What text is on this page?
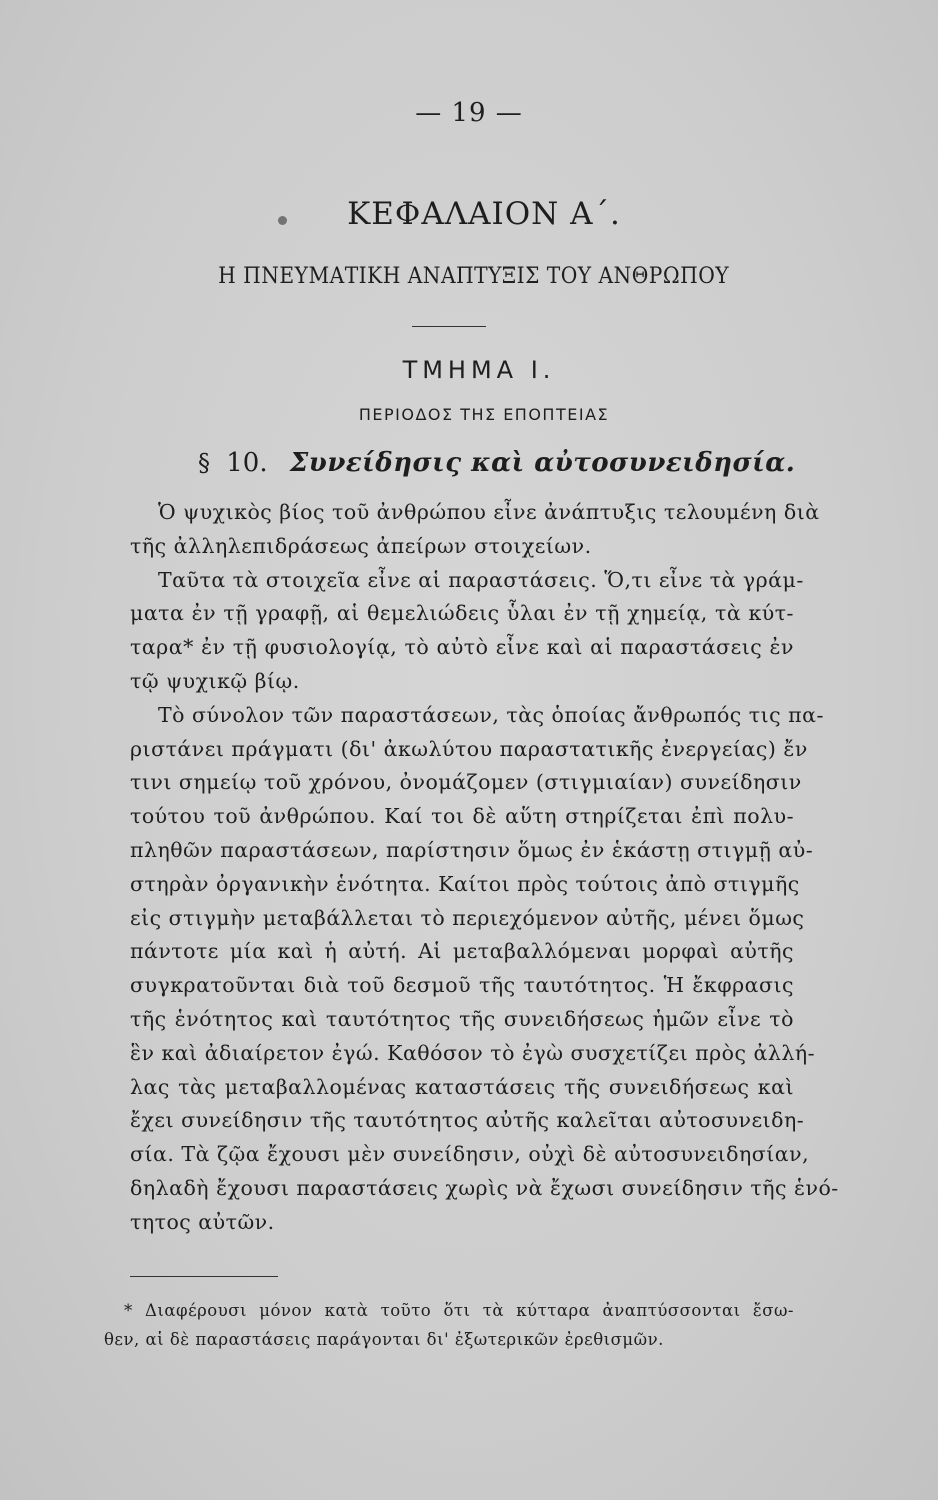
— 19 —
ΚΕΦΑΛΑΙΟΝ Α΄.
Η ΠΝΕΥΜΑΤΙΚΗ ΑΝΑΠΤΥΞΙΣ ΤΟΥ ΑΝΘΡΩΠΟΥ
ΤΜΗΜΑ Ι.
ΠΕΡΙΟΔΟΣ ΤΗΣ ΕΠΟΠΤΕΙΑΣ
§ 10. Συνείδησις καὶ αὐτοσυνειδησία.
Ὁ ψυχικὸς βίος τοῦ ἀνθρώπου εἶνε ἀνάπτυξις τελουμένη διὰ
τῆς ἀλληλεπιδράσεως ἀπείρων στοιχείων.
Ταῦτα τὰ στοιχεῖα εἶνε αἱ παραστάσεις. Ὅ,τι εἶνε τὰ γράμ-
ματα ἐν τῇ γραφῇ, αἱ θεμελιώδεις ὗλαι ἐν τῇ χημείᾳ, τὰ κύτ-
ταρα* ἐν τῇ φυσιολογίᾳ, τὸ αὐτὸ εἶνε καὶ αἱ παραστάσεις ἐν
τῷ ψυχικῷ βίῳ.
Τὸ σύνολον τῶν παραστάσεων, τὰς ὁποίας ἄνθρωπός τις πα-
ριστάνει πράγματι (δι' ἀκωλύτου παραστατικῆς ἐνεργείας) ἔν
τινι σημείῳ τοῦ χρόνου, ὀνομάζομεν (στιγμιαίαν) συνείδησιν
τούτου τοῦ ἀνθρώπου. Καί τοι δὲ αὕτη στηρίζεται ἐπὶ πολυ-
πληθῶν παραστάσεων, παρίστησιν ὅμως ἐν ἑκάστῃ στιγμῇ αὐ-
στηρὰν ὀργανικὴν ἑνότητα. Καίτοι πρὸς τούτοις ἀπὸ στιγμῆς
εἰς στιγμὴν μεταβάλλεται τὸ περιεχόμενον αὐτῆς, μένει ὅμως
πάντοτε μία καὶ ἡ αὐτή. Αἱ μεταβαλλόμεναι μορφαὶ αὐτῆς
συγκρατοῦνται διὰ τοῦ δεσμοῦ τῆς ταυτότητος. Ἡ ἔκφρασις
τῆς ἑνότητος καὶ ταυτότητος τῆς συνειδήσεως ἡμῶν εἶνε τὸ
ἓν καὶ ἀδιαίρετον ἐγώ. Καθόσον τὸ ἐγὼ συσχετίζει πρὸς ἀλλή-
λας τὰς μεταβαλλομένας καταστάσεις τῆς συνειδήσεως καὶ
ἔχει συνείδησιν τῆς ταυτότητος αὐτῆς καλεῖται αὐτοσυνειδη-
σία. Τὰ ζῷα ἔχουσι μὲν συνείδησιν, οὐχὶ δὲ αὐτοσυνειδησίαν,
δηλαδὴ ἔχουσι παραστάσεις χωρὶς νὰ ἔχωσι συνείδησιν τῆς ἑνό-
τητος αὐτῶν.
* Διαφέρουσι μόνον κατὰ τοῦτο ὅτι τὰ κύτταρα ἀναπτύσσονται ἔσω-
θεν, αἱ δὲ παραστάσεις παράγονται δι' ἐξωτερικῶν ἐρεθισμῶν.
